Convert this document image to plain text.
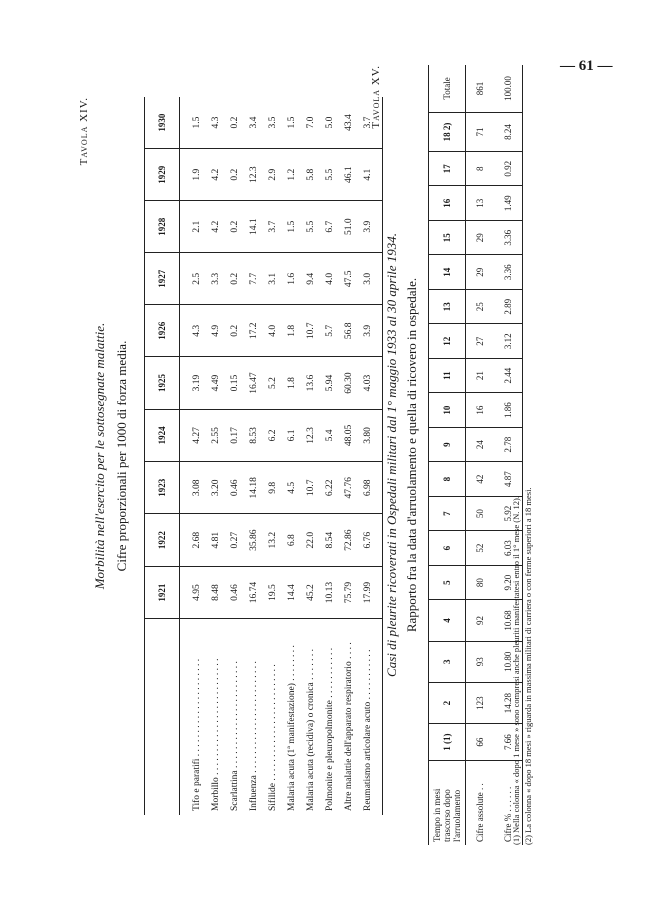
— 61 —
Tavola XIV.
Morbilità nell'esercito per le sottosegnate malattie. Cifre proporzionali per 1000 di forza media.
	1921	1922	1923	1924	1925	1926	1927	1928	1929	1930
Tifo e paratifi . . . . . . . . . . . . . . . . . . . . .	4.95	2.68	3.08	4.27	3.19	4.3	2.5	2.1	1.9	1.5
Morbillo . . . . . . . . . . . . . . . . . . . . . . . . .	8.48	4.81	3.20	2.55	4.49	4.9	3.3	4.2	4.2	4.3
Scarlattina . . . . . . . . . . . . . . . . . . . . . . .	0.46	0.27	0.46	0.17	0.15	0.2	0.2	0.2	0.2	0.2
Influenza . . . . . . . . . . . . . . . . . . . . . . . .	16.74	35.86	14.18	8.53	16.47	17.2	7.7	14.1	12.3	3.4
Sifilide . . . . . . . . . . . . . . . . . . . . . . . . .	19.5	13.2	9.8	6.2	5.2	4.0	3.1	3.7	2.9	3.5
Malaria acuta (1ª manifestazione) . . . . . . . .	14.4	6.8	4.5	6.1	1.8	1.8	1.6	1.5	1.2	1.5
Malaria acuta (recidiva) o cronica . . . . . . .	45.2	22.0	10.7	12.3	13.6	10.7	9.4	5.5	5.8	7.0
Polmonite e pleuropolmonite . . . . . . . . . . .	10.13	8.54	6.22	5.4	5.94	5.7	4.0	6.7	5.5	5.0
Altre malattie dell'apparato respiratorio . . . .	75.79	72.86	47.76	48.05	60.30	56.8	47.5	51.0	46.1	43.4
Reumatismo articolare acuto . . . . . . . . . . .	17.99	6.76	6.98	3.80	4.03	3.9	3.0	3.9	4.1	3.7
Tavola XV.
Casi di pleurite ricoverati in Ospedali militari dal 1° maggio 1933 al 30 aprile 1934. Rapporto fra la data d'arruolamento e quella di ricovero in ospedale.
Tempo in mesi trascorso dopo l'arruolamento	1 (1)	2	3	4	5	6	7	8	9	10	11	12	13	14	15	16	17	18 2)	Totale
Cifre assolute . .	66	123	93	92	80	52	50	42	24	16	21	27	25	29	29	13	8	71	861
Cifre % . . . . . .	7.66	14.28	10.80	10.68	9.20	6.03	5.92	4.87	2.78	1.86	2.44	3.12	2.89	3.36	3.36	1.49	0.92	8.24	100.00
(1) Nella colonna « dopo 1 mese » sono compresi anche pleuriti manifestatesi entro il 1° mese (N. 12). (2) La colonna « dopo 18 mesi » riguarda in massima militari di carriera o con ferme superiori a 18 mesi.
